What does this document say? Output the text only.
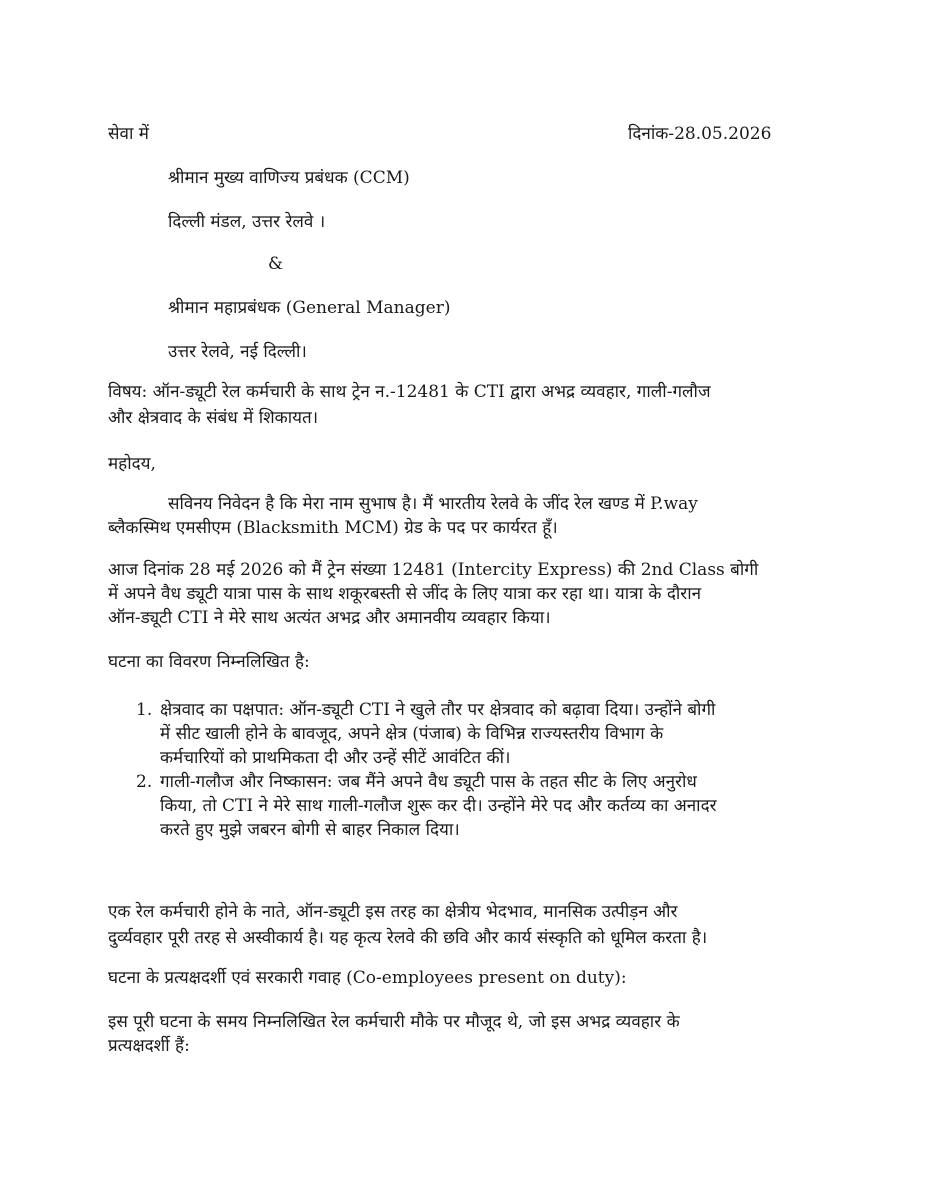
सेवा में	दिनांक-28.05.2026
श्रीमान मुख्य वाणिज्य प्रबंधक (CCM)
दिल्ली मंडल, उत्तर रेलवे ।
&
श्रीमान महाप्रबंधक (General Manager)
उत्तर रेलवे, नई दिल्ली।
विषय: ऑन-ड्यूटी रेल कर्मचारी के साथ ट्रेन न.-12481 के CTI द्वारा अभद्र व्यवहार, गाली-गलौज
और क्षेत्रवाद के संबंध में शिकायत।
महोदय,
सविनय निवेदन है कि मेरा नाम सुभाष है। मैं भारतीय रेलवे के जींद रेल खण्ड में P.way
ब्लैकस्मिथ एमसीएम (Blacksmith MCM) ग्रेड के पद पर कार्यरत हूँ।
आज दिनांक 28 मई 2026 को मैं ट्रेन संख्या 12481 (Intercity Express) की 2nd Class बोगी
में अपने वैध ड्यूटी यात्रा पास के साथ शकूरबस्ती से जींद के लिए यात्रा कर रहा था। यात्रा के दौरान
ऑन-ड्यूटी CTI ने मेरे साथ अत्यंत अभद्र और अमानवीय व्यवहार किया।
घटना का विवरण निम्नलिखित है:
1. क्षेत्रवाद का पक्षपात: ऑन-ड्यूटी CTI ने खुले तौर पर क्षेत्रवाद को बढ़ावा दिया। उन्होंने बोगी
में सीट खाली होने के बावजूद, अपने क्षेत्र (पंजाब) के विभिन्न राज्यस्तरीय विभाग के
कर्मचारियों को प्राथमिकता दी और उन्हें सीटें आवंटित कीं।
2. गाली-गलौज और निष्कासन: जब मैंने अपने वैध ड्यूटी पास के तहत सीट के लिए अनुरोध
किया, तो CTI ने मेरे साथ गाली-गलौज शुरू कर दी। उन्होंने मेरे पद और कर्तव्य का अनादर
करते हुए मुझे जबरन बोगी से बाहर निकाल दिया।
एक रेल कर्मचारी होने के नाते, ऑन-ड्यूटी इस तरह का क्षेत्रीय भेदभाव, मानसिक उत्पीड़न और
दुर्व्यवहार पूरी तरह से अस्वीकार्य है। यह कृत्य रेलवे की छवि और कार्य संस्कृति को धूमिल करता है।
घटना के प्रत्यक्षदर्शी एवं सरकारी गवाह (Co-employees present on duty):
इस पूरी घटना के समय निम्नलिखित रेल कर्मचारी मौके पर मौजूद थे, जो इस अभद्र व्यवहार के
प्रत्यक्षदर्शी हैं:
